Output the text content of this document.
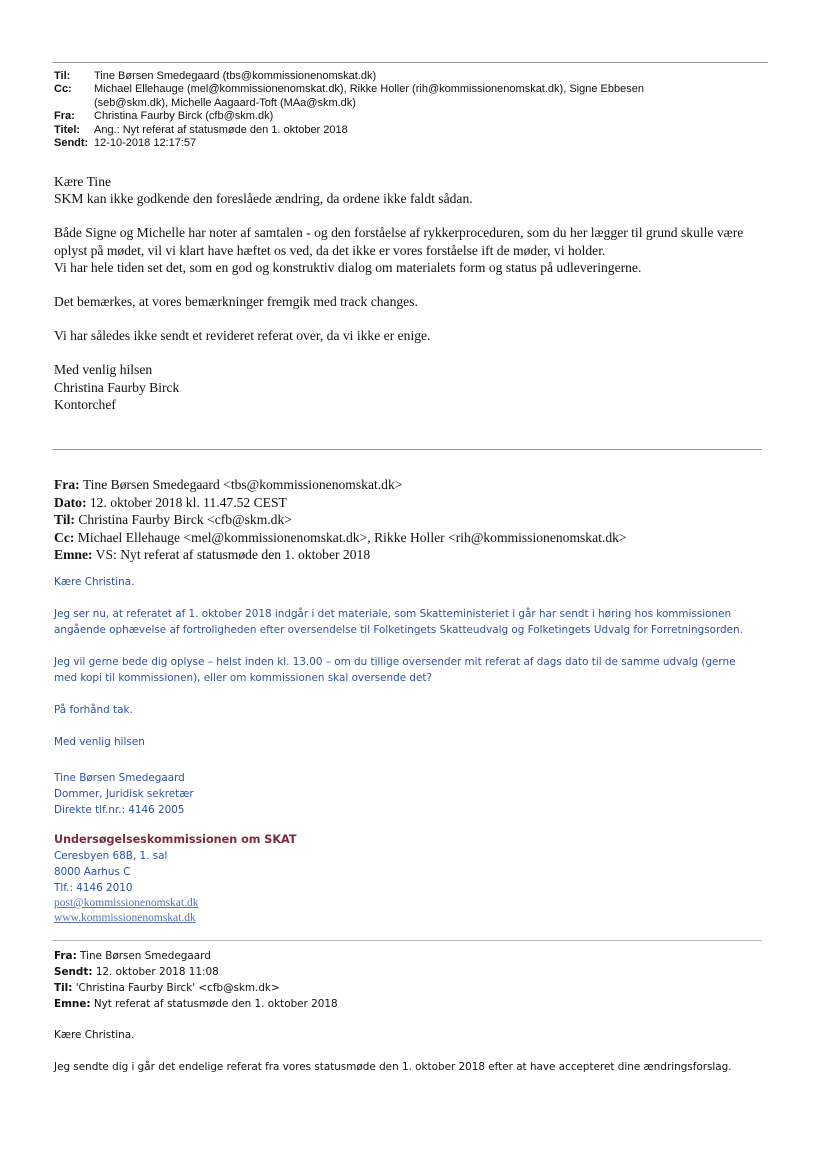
Til:	Tine Børsen Smedegaard (tbs@kommissionenomskat.dk)
Cc:	Michael Ellehauge (mel@kommissionenomskat.dk), Rikke Holler (rih@kommissionenomskat.dk), Signe Ebbesen (seb@skm.dk), Michelle Aagaard-Toft (MAa@skm.dk)
Fra:	Christina Faurby Birck (cfb@skm.dk)
Titel:	Ang.: Nyt referat af statusmøde den 1. oktober 2018
Sendt: 12-10-2018 12:17:57

Kære Tine

SKM kan ikke godkende den foreslåede ændring, da ordene ikke faldt sådan.

Både Signe og Michelle har noter af samtalen - og den forståelse af rykkerproceduren, som du her lægger til grund skulle være oplyst på mødet, vil vi klart have hæftet os ved, da det ikke er vores forståelse ift de møder, vi holder.

Vi har hele tiden set det, som en god og konstruktiv dialog om materialets form og status på udleveringerne.

Det bemærkes, at vores bemærkninger fremgik med track changes.

Vi har således ikke sendt et revideret referat over, da vi ikke er enige.

Med venlig hilsen

Christina Faurby Birck

Kontorchef

Fra: Tine Børsen Smedegaard <tbs@kommissionenomskat.dk>

Dato: 12. oktober 2018 kl. 11.47.52 CEST

Til: Christina Faurby Birck <cfb@skm.dk>

Cc: Michael Ellehauge <mel@kommissionenomskat.dk>, Rikke Holler <rih@kommissionenomskat.dk>

Emne: VS: Nyt referat af statusmøde den 1. oktober 2018

Kære Christina.

Jeg ser nu, at referatet af 1. oktober 2018 indgår i det materiale, som Skatteministeriet i går har sendt i høring hos kommissionen angående ophævelse af fortroligheden efter oversendelse til Folketingets Skatteudvalg og Folketingets Udvalg for Forretningsorden.

Jeg vil gerne bede dig oplyse – helst inden kl. 13.00 – om du tillige oversender mit referat af dags dato til de samme udvalg (gerne med kopi til kommissionen), eller om kommissionen skal oversende det?

På forhånd tak.

Med venlig hilsen

Tine Børsen Smedegaard

Dommer, Juridisk sekretær

Direkte tlf.nr.: 4146 2005

Undersøgelseskommissionen om SKAT

Ceresbyen 68B, 1. sal

8000 Aarhus C

Tlf.: 4146 2010

post@kommissionenomskat.dk

www.kommissionenomskat.dk

Fra: Tine Børsen Smedegaard

Sendt: 12. oktober 2018 11:08

Til: 'Christina Faurby Birck' <cfb@skm.dk>

Emne: Nyt referat af statusmøde den 1. oktober 2018

Kære Christina.

Jeg sendte dig i går det endelige referat fra vores statusmøde den 1. oktober 2018 efter at have accepteret dine ændringsforslag.
